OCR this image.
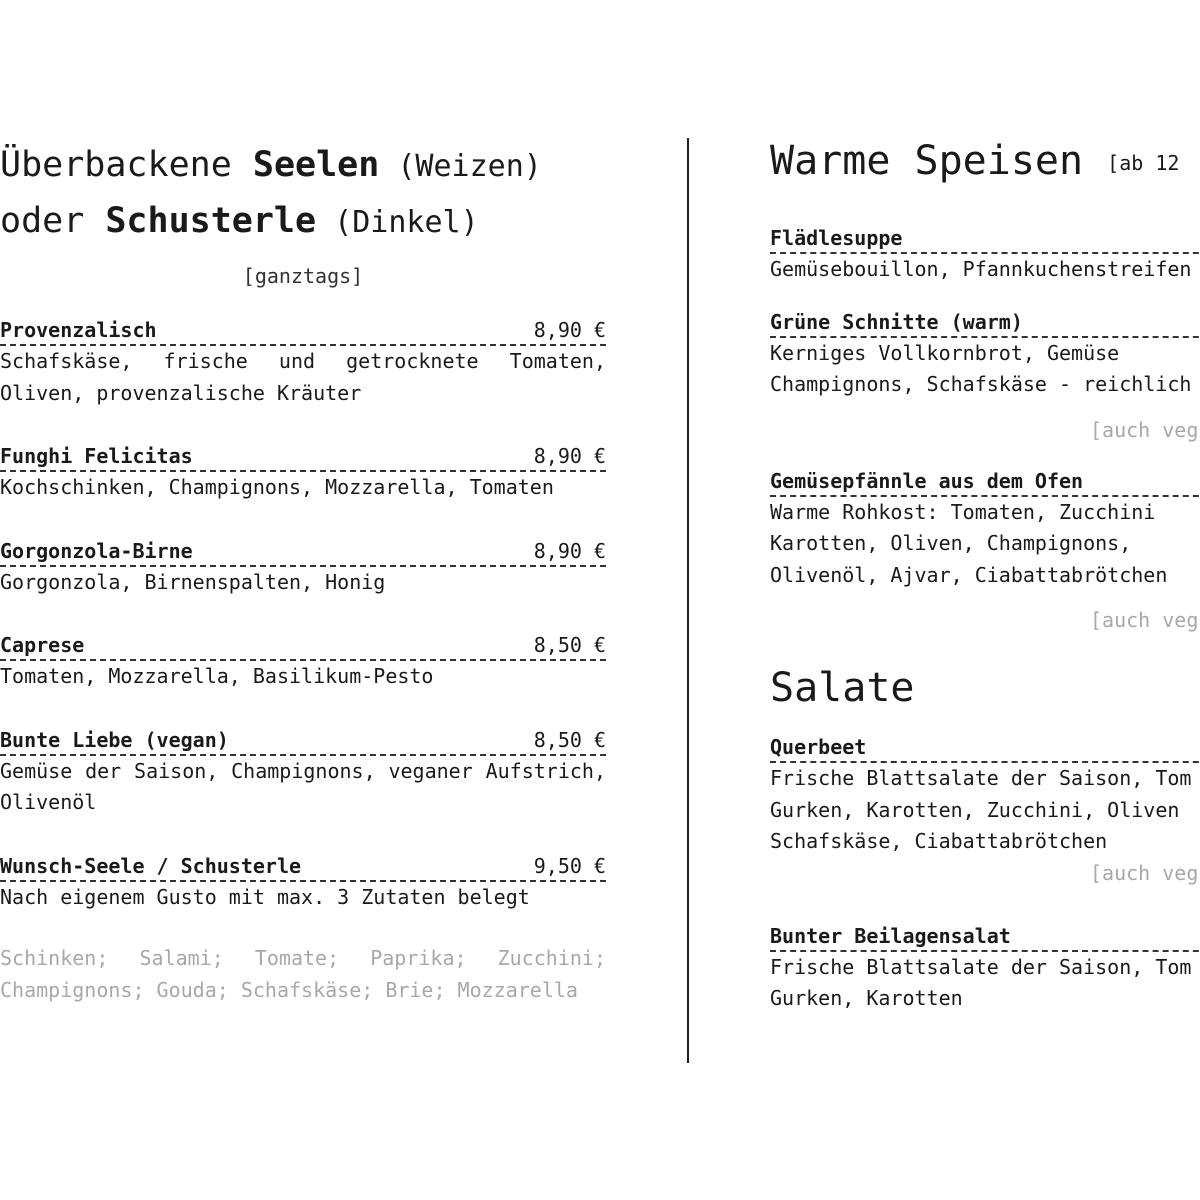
Überbackene Seelen (Weizen)
oder Schusterle (Dinkel)
[ganztags]
Provenzalisch	8,90 €
Schafskäse, frische und getrocknete Tomaten, Oliven, provenzalische Kräuter
Funghi Felicitas	8,90 €
Kochschinken, Champignons, Mozzarella, Tomaten
Gorgonzola-Birne	8,90 €
Gorgonzola, Birnenspalten, Honig
Caprese	8,50 €
Tomaten, Mozzarella, Basilikum-Pesto
Bunte Liebe (vegan)	8,50 €
Gemüse der Saison, Champignons, veganer Aufstrich, Olivenöl
Wunsch-Seele / Schusterle	9,50 €
Nach eigenem Gusto mit max. 3 Zutaten belegt
Schinken; Salami; Tomate; Paprika; Zucchini; Champignons; Gouda; Schafskäse; Brie; Mozzarella
Warme Speisen [ab 12
Flädlesuppe
Gemüsebouillon, Pfannkuchenstreifen
Grüne Schnitte (warm)
Kerniges Vollkornbrot, Gemüse
Champignons, Schafskäse - reichlich
[auch veg
Gemüsepfännle aus dem Ofen
Warme Rohkost: Tomaten, Zucchini
Karotten, Oliven, Champignons,
Olivenöl, Ajvar, Ciabattabrötchen
[auch veg
Salate
Querbeet
Frische Blattsalate der Saison, Tom
Gurken, Karotten, Zucchini, Oliven
Schafskäse, Ciabattabrötchen
[auch veg
Bunter Beilagensalat
Frische Blattsalate der Saison, Tom
Gurken, Karotten
